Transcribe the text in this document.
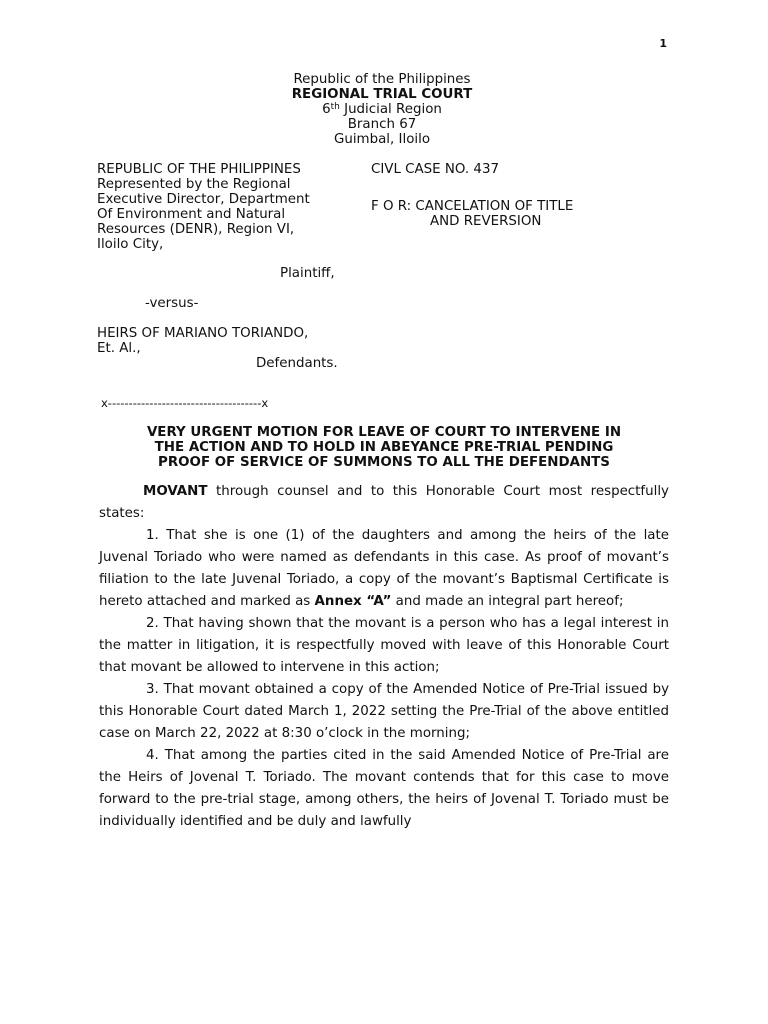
1
Republic of the Philippines
REGIONAL TRIAL COURT
6th Judicial Region
Branch 67
Guimbal, Iloilo
REPUBLIC OF THE PHILIPPINES
Represented by the Regional
Executive Director, Department
Of Environment and Natural
Resources (DENR), Region VI,
Iloilo City,
Plaintiff,
-versus-
HEIRS OF MARIANO TORIANDO,
Et. Al.,
Defendants.
x-------------------------------------x
CIVL CASE NO. 437
F O R: CANCELATION OF TITLE
AND REVERSION
VERY URGENT MOTION FOR LEAVE OF COURT TO INTERVENE IN
THE ACTION AND TO HOLD IN ABEYANCE PRE-TRIAL PENDING
PROOF OF SERVICE OF SUMMONS TO ALL THE DEFENDANTS

MOVANT through counsel and to this Honorable Court most respectfully states:

1. That she is one (1) of the daughters and among the heirs of the late Juvenal Toriado who were named as defendants in this case. As proof of movant’s filiation to the late Juvenal Toriado, a copy of the movant’s Baptismal Certificate is hereto attached and marked as Annex “A” and made an integral part hereof;

2. That having shown that the movant is a person who has a legal interest in the matter in litigation, it is respectfully moved with leave of this Honorable Court that movant be allowed to intervene in this action;

3. That movant obtained a copy of the Amended Notice of Pre-Trial issued by this Honorable Court dated March 1, 2022 setting the Pre-Trial of the above entitled case on March 22, 2022 at 8:30 o’clock in the morning;

4. That among the parties cited in the said Amended Notice of Pre-Trial are the Heirs of Jovenal T. Toriado. The movant contends that for this case to move forward to the pre-trial stage, among others, the heirs of Jovenal T. Toriado must be individually identified and be duly and lawfully
